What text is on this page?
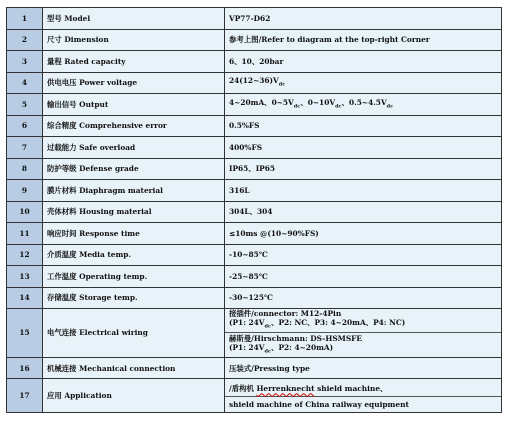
1	型号 Model	VP77-D62
2	尺寸 Dimension	参考上图/Refer to diagram at the top-right Corner
3	量程 Rated capacity	6、10、20bar
4	供电电压 Power voltage	$24(12\sim 36)V_{dc}$
5	输出信号 Output	4~20mA、$0\sim 5V_{dc}$、$0\sim 10V_{dc}$、$0.5\sim 4.5V_{dc}$
6	综合精度 Comprehensive error	0.5%FS
7	过载能力 Safe overload	400%FS
8	防护等级 Defense grade	IP65、IP65
9	膜片材料 Diaphragm material	316L
10	壳体材料 Housing material	304L、304
11	响应时间 Response time	≤10ms @(10~90%FS)
12	介质温度 Media temp.	-10~85℃
13	工作温度 Operating temp.	-25~85℃
14	存储温度 Storage temp.	-30~125℃
15	电气连接 Electrical wiring	接插件/connector: M12-4Pin
(P1: $24V_{dc}$、P2: NC、P3: 4~20mA、P4: NC)
赫斯曼/Hirschmann: DS-HSMSFE
(P1: $24V_{dc}$、P2: 4~20mA)

16	机械连接 Mechanical connection	压装式/Pressing type
17	应用 Application	/盾构机 Herrenknecht shield machine、
shield machine of China railway equipment
